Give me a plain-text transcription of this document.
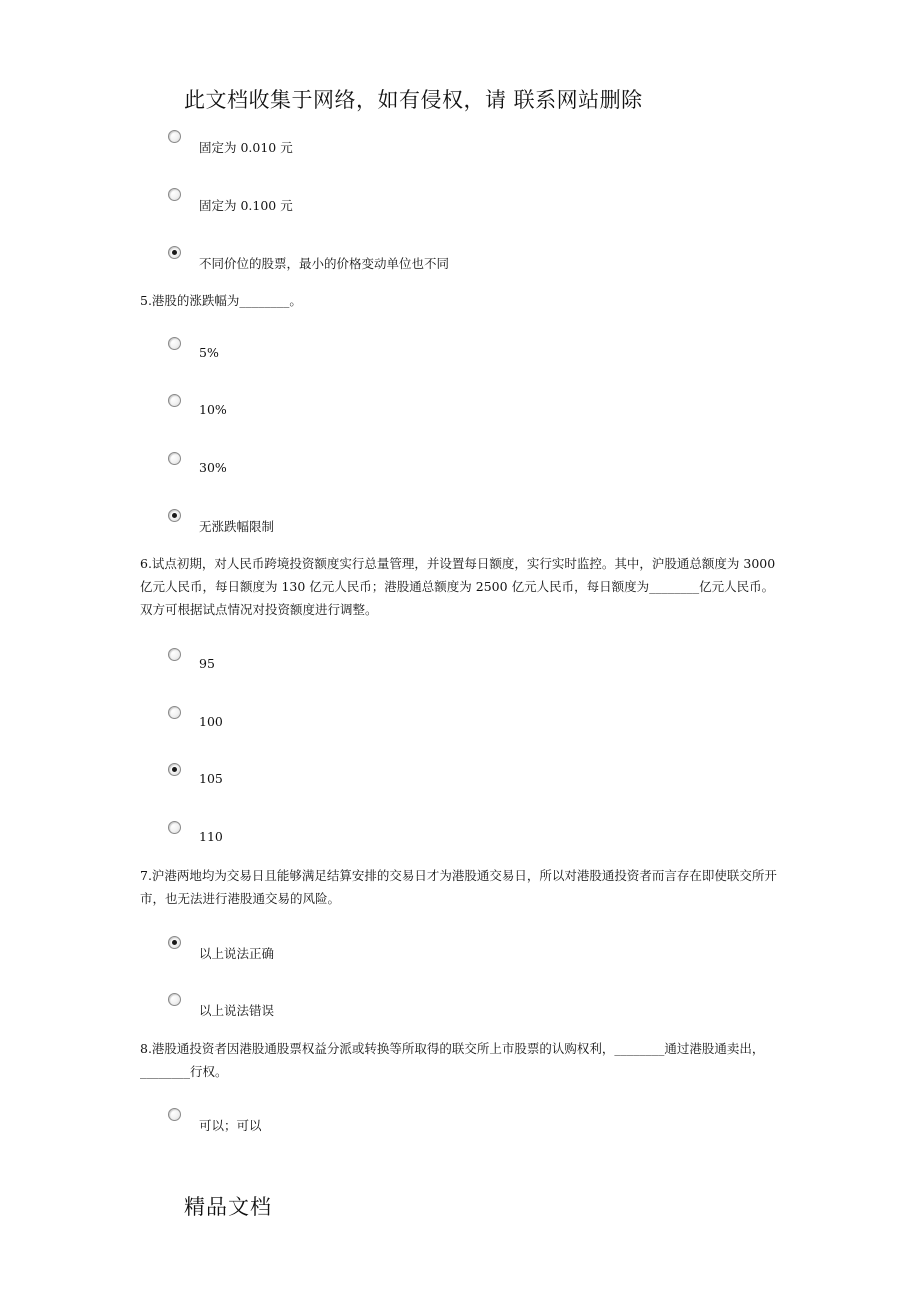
此文档收集于网络，如有侵权，请 联系网站删除
固定为 0.010 元
固定为 0.100 元
不同价位的股票，最小的价格变动单位也不同
5.港股的涨跌幅为________。
5%
10%
30%
无涨跌幅限制
6.试点初期，对人民币跨境投资额度实行总量管理，并设置每日额度，实行实时监控。其中，沪股通总额度为 3000 亿元人民币，每日额度为 130 亿元人民币；港股通总额度为 2500 亿元人民币，每日额度为________亿元人民币。双方可根据试点情况对投资额度进行调整。
95
100
105
110
7.沪港两地均为交易日且能够满足结算安排的交易日才为港股通交易日，所以对港股通投资者而言存在即使联交所开市，也无法进行港股通交易的风险。
以上说法正确
以上说法错误
8.港股通投资者因港股通股票权益分派或转换等所取得的联交所上市股票的认购权利，________通过港股通卖出，________行权。
可以；可以
精品文档
